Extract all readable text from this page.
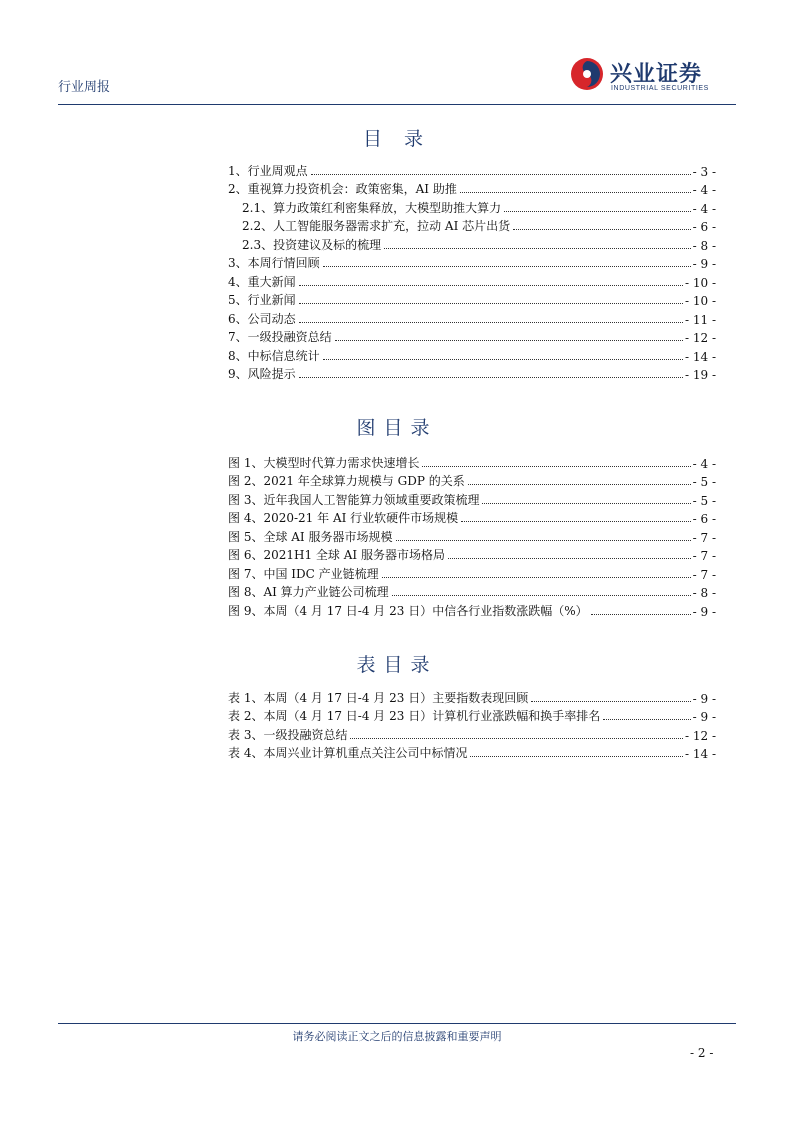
行业周报
兴业证券
INDUSTRIAL SECURITIES
目 录
1、行业周观点	- 3 -
2、重视算力投资机会：政策密集，AI 助推	- 4 -
2.1、算力政策红利密集释放，大模型助推大算力	- 4 -
2.2、人工智能服务器需求扩充，拉动 AI 芯片出货	- 6 -
2.3、投资建议及标的梳理	- 8 -
3、本周行情回顾	- 9 -
4、重大新闻	- 10 -
5、行业新闻	- 10 -
6、公司动态	- 11 -
7、一级投融资总结	- 12 -
8、中标信息统计	- 14 -
9、风险提示	- 19 -
图目录
图 1、大模型时代算力需求快速增长	- 4 -
图 2、2021 年全球算力规模与 GDP 的关系	- 5 -
图 3、近年我国人工智能算力领域重要政策梳理	- 5 -
图 4、2020-21 年 AI 行业软硬件市场规模	- 6 -
图 5、全球 AI 服务器市场规模	- 7 -
图 6、2021H1 全球 AI 服务器市场格局	- 7 -
图 7、中国 IDC 产业链梳理	- 7 -
图 8、AI 算力产业链公司梳理	- 8 -
图 9、本周（4 月 17 日-4 月 23 日）中信各行业指数涨跌幅（%）	- 9 -
表目录
表 1、本周（4 月 17 日-4 月 23 日）主要指数表现回顾	- 9 -
表 2、本周（4 月 17 日-4 月 23 日）计算机行业涨跌幅和换手率排名	- 9 -
表 3、一级投融资总结	- 12 -
表 4、本周兴业计算机重点关注公司中标情况	- 14 -
请务必阅读正文之后的信息披露和重要声明
- 2 -
